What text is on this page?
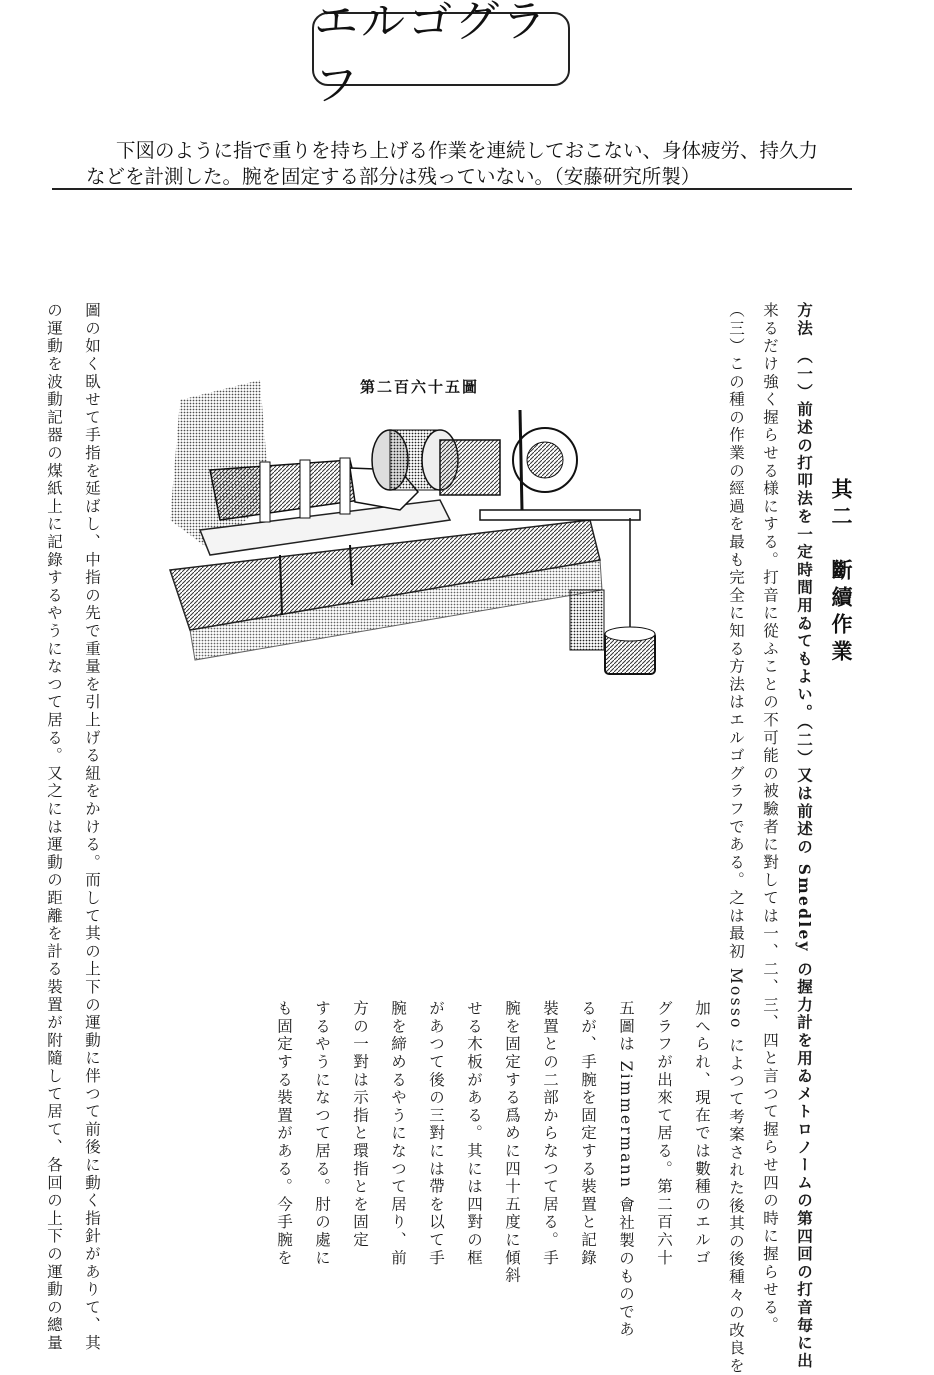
エルゴグラフ
下図のように指で重りを持ち上げる作業を連続しておこない、身体疲労、持久力
などを計測した。腕を固定する部分は残っていない。（安藤研究所製）
其二　斷續作業
方法　（一）前述の打叩法を一定時間用ゐてもよい。（二）又は前述の Smedley の握力計を用ゐメトロノームの第四回の打音毎に出
来るだけ強く握らせる様にする。打音に從ふことの不可能の被驗者に對しては一、二、三、四と言つて握らせ四の時に握らせる。
（三）この種の作業の經過を最も完全に知る方法はエルゴグラフである。之は最初 Mosso によつて考案された後其の後種々の改良を
加へられ、現在では數種のエルゴ
グラフが出來て居る。第二百六十
五圖は Zimmermann 會社製のものであ
るが、手腕を固定する裝置と記錄
裝置との二部からなつて居る。手
腕を固定する爲めに四十五度に傾斜
せる木板がある。其には四對の框
があつて後の三對には帶を以て手
腕を締めるやうになつて居り、前
方の一對は示指と環指とを固定
するやうになつて居る。肘の處に
も固定する裝置がある。今手腕を
圖の如く臥せて手指を延ばし、中指の先で重量を引上げる紐をかける。而して其の上下の運動に伴つて前後に動く指針がありて、其
の運動を波動記器の煤紙上に記錄するやうになつて居る。又之には運動の距離を計る裝置が附隨して居て、各回の上下の運動の總量	第二百六十五圖
